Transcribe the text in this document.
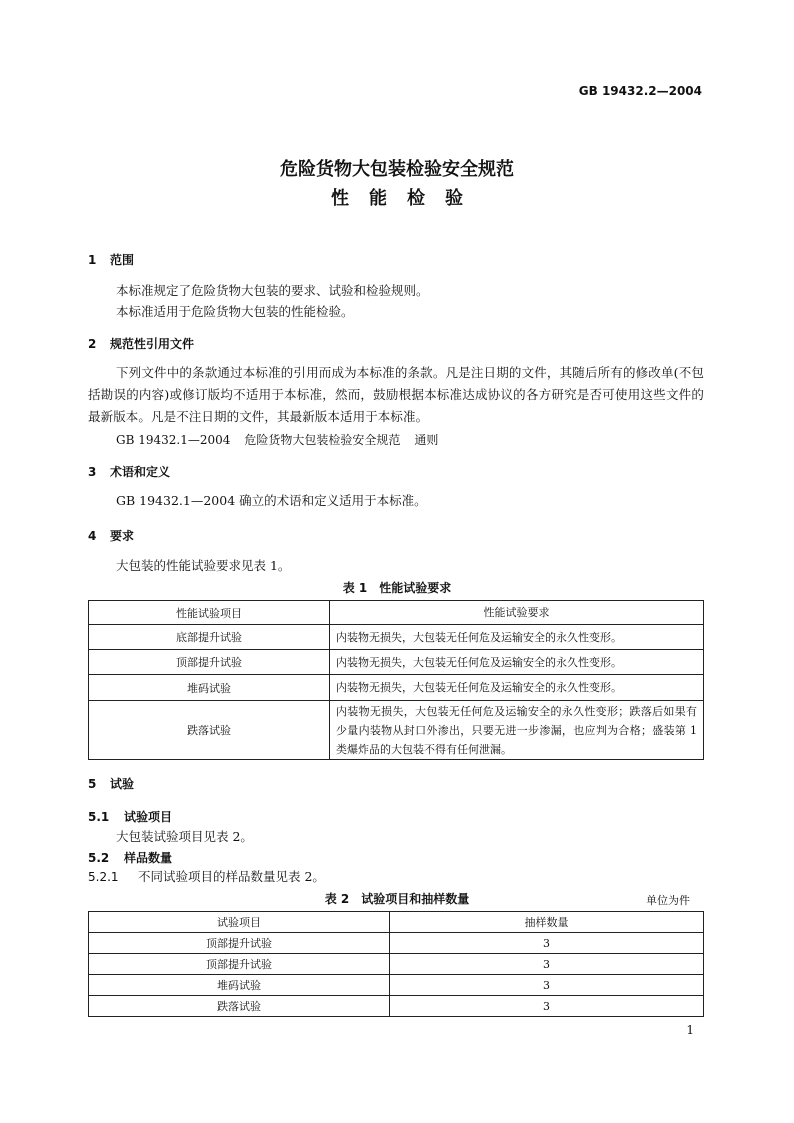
GB 19432.2—2004
危险货物大包装检验安全规范
性能检验
1 范围
本标准规定了危险货物大包装的要求、试验和检验规则。
本标准适用于危险货物大包装的性能检验。
2 规范性引用文件
下列文件中的条款通过本标准的引用而成为本标准的条款。凡是注日期的文件，其随后所有的修改单(不包括勘误的内容)或修订版均不适用于本标准，然而，鼓励根据本标准达成协议的各方研究是否可使用这些文件的最新版本。凡是不注日期的文件，其最新版本适用于本标准。
GB 19432.1—2004 危险货物大包装检验安全规范 通则
3 术语和定义
GB 19432.1—2004 确立的术语和定义适用于本标准。
4 要求
大包装的性能试验要求见表 1。
表 1 性能试验要求
性能试验项目	性能试验要求
底部提升试验	内装物无损失，大包装无任何危及运输安全的永久性变形。
顶部提升试验	内装物无损失，大包装无任何危及运输安全的永久性变形。
堆码试验	内装物无损失，大包装无任何危及运输安全的永久性变形。
跌落试验	内装物无损失，大包装无任何危及运输安全的永久性变形；跌落后如果有少量内装物从封口外渗出，只要无进一步渗漏，也应判为合格；盛装第 1 类爆炸品的大包装不得有任何泄漏。
5 试验
5.1 试验项目
大包装试验项目见表 2。
5.2 样品数量
5.2.1 不同试验项目的样品数量见表 2。
表 2 试验项目和抽样数量	单位为件
试验项目	抽样数量
顶部提升试验	3
顶部提升试验	3
堆码试验	3
跌落试验	3
1
